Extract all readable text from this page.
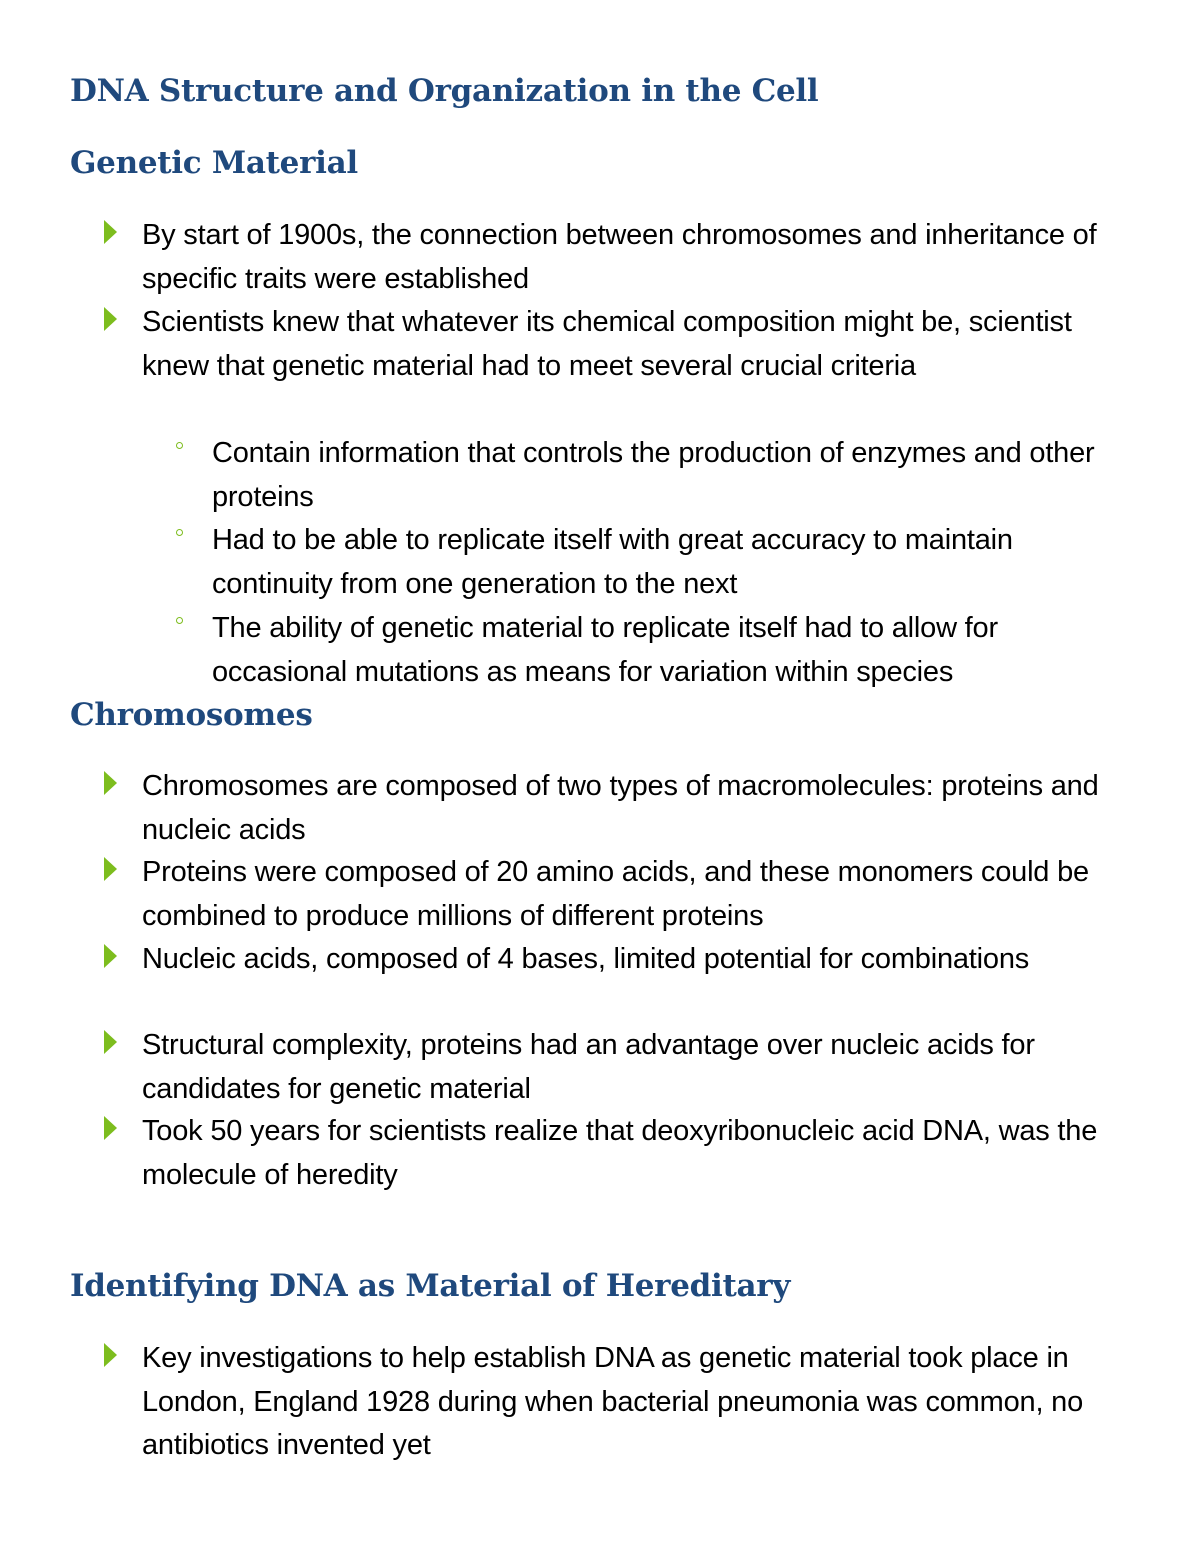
DNA Structure and Organization in the Cell
Genetic Material
By start of 1900s, the connection between chromosomes and inheritance of specific traits were established
Scientists knew that whatever its chemical composition might be, scientist knew that genetic material had to meet several crucial criteria
Contain information that controls the production of enzymes and other proteins
Had to be able to replicate itself with great accuracy to maintain continuity from one generation to the next
The ability of genetic material to replicate itself had to allow for occasional mutations as means for variation within species
Chromosomes
Chromosomes are composed of two types of macromolecules: proteins and nucleic acids
Proteins were composed of 20 amino acids, and these monomers could be combined to produce millions of different proteins
Nucleic acids, composed of 4 bases, limited potential for combinations
Structural complexity, proteins had an advantage over nucleic acids for candidates for genetic material
Took 50 years for scientists realize that deoxyribonucleic acid DNA, was the molecule of heredity
Identifying DNA as Material of Hereditary
Key investigations to help establish DNA as genetic material took place in London, England 1928 during when bacterial pneumonia was common, no antibiotics invented yet
